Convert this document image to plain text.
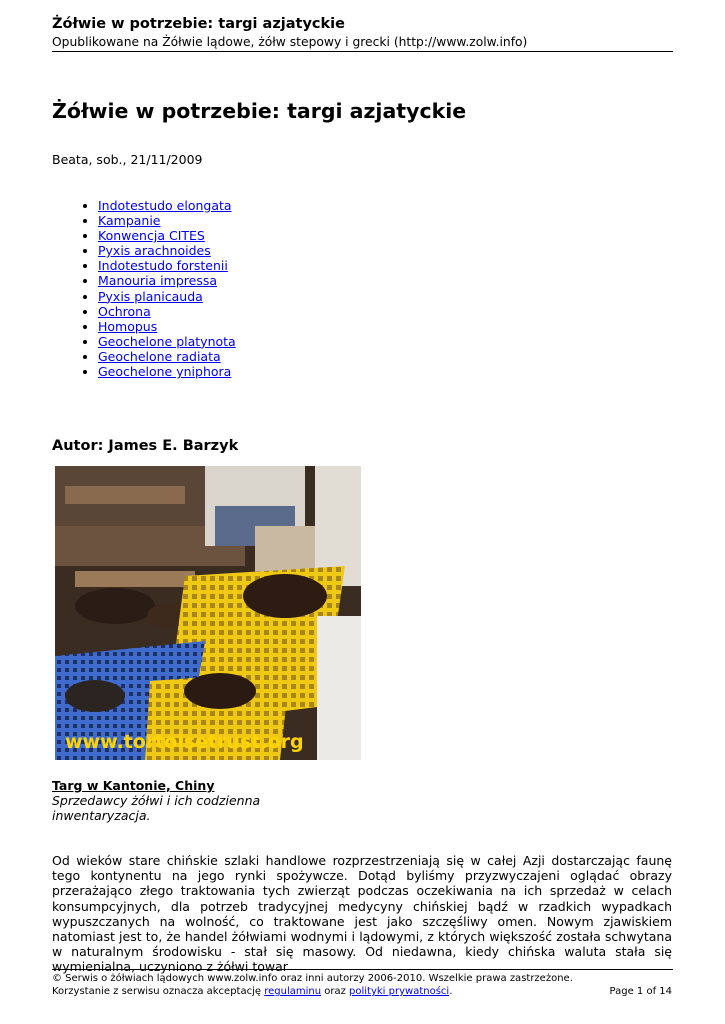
Żółwie w potrzebie: targi azjatyckie
Opublikowane na Żółwie lądowe, żółw stepowy i grecki (http://www.zolw.info)
Żółwie w potrzebie: targi azjatyckie
Beata, sob., 21/11/2009
• Indotestudo elongata
• Kampanie
• Konwencja CITES
• Pyxis arachnoides
• Indotestudo forstenii
• Manouria impressa
• Pyxis planicauda
• Ochrona
• Homopus
• Geochelone platynota
• Geochelone radiata
• Geochelone yniphora
Autor: James E. Barzyk
www.tortoisetrust.org
Targ w Kantonie, Chiny
Sprzedawcy żółwi i ich codzienna inwentaryzacja.

Od wieków stare chińskie szlaki handlowe rozprzestrzeniają się w całej Azji dostarczając faunę tego kontynentu na jego rynki spożywcze. Dotąd byliśmy przyzwyczajeni oglądać obrazy przerażająco złego traktowania tych zwierząt podczas oczekiwania na ich sprzedaż w celach konsumpcyjnych, dla potrzeb tradycyjnej medycyny chińskiej bądź w rzadkich wypadkach wypuszczanych na wolność, co traktowane jest jako szczęśliwy omen. Nowym zjawiskiem natomiast jest to, że handel żółwiami wodnymi i lądowymi, z których większość została schwytana w naturalnym środowisku - stał się masowy. Od niedawna, kiedy chińska waluta stała się wymienialna, uczyniono z żółwi towar

© Serwis o żółwiach lądowych www.zolw.info oraz inni autorzy 2006-2010. Wszelkie prawa zastrzeżone.
Korzystanie z serwisu oznacza akceptację regulaminu oraz polityki prywatności.	Page 1 of 14
